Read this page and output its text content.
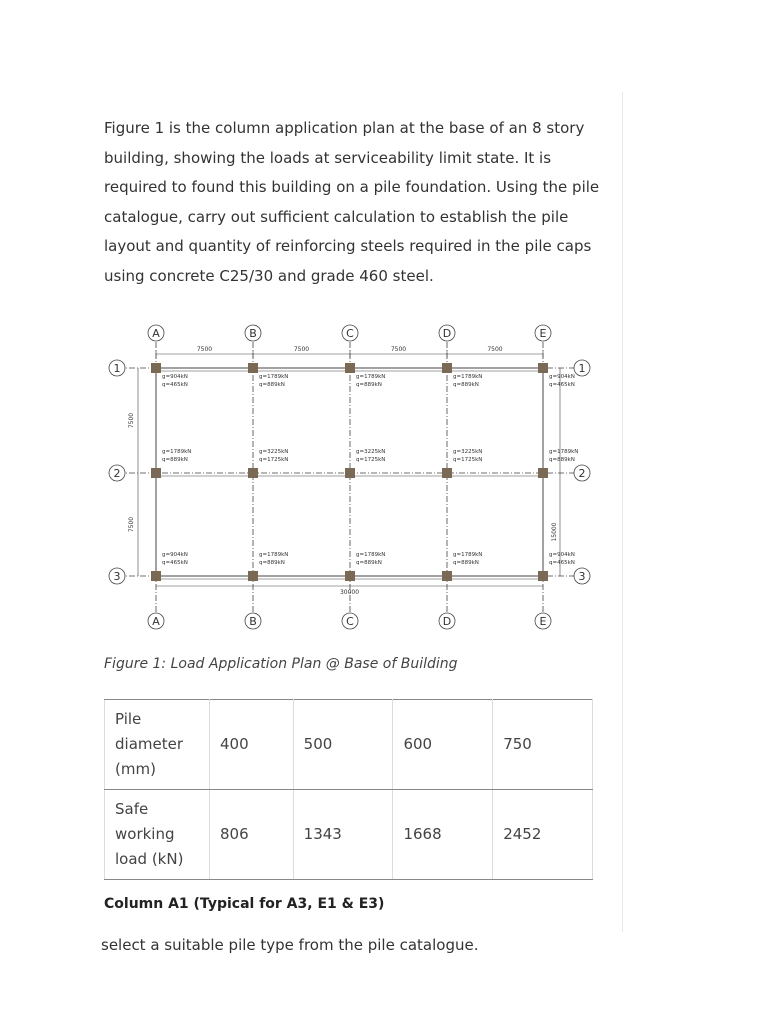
Figure 1 is the column application plan at the base of an 8 story building, showing the loads at serviceability limit state. It is required to found this building on a pile foundation. Using the pile catalogue, carry out sufficient calculation to establish the pile layout and quantity of reinforcing steels required in the pile caps using concrete C25/30 and grade 460 steel.

A
A
B
B
C
C
D
D
E
E
1	1
2	2
3	3
7500	7500	7500	7500
7500
7500
30000
15000
g=904kN
q=465kN
g=1789kN
q=889kN
g=1789kN
q=889kN
g=1789kN
q=889kN
g=904kN
q=465kN
g=1789kN
q=889kN
g=3225kN
q=1725kN
g=3225kN
q=1725kN
g=3225kN
q=1725kN
g=1789kN
q=889kN
g=904kN
q=465kN
g=1789kN
q=889kN
g=1789kN
q=889kN
g=1789kN
q=889kN
g=904kN
q=465kN

Figure 1: Load Application Plan @ Base of Building

Pile diameter (mm)	400	500	600	750
Safe working load (kN)	806	1343	1668	2452

Column A1 (Typical for A3, E1 & E3)

select a suitable pile type from the pile catalogue.
